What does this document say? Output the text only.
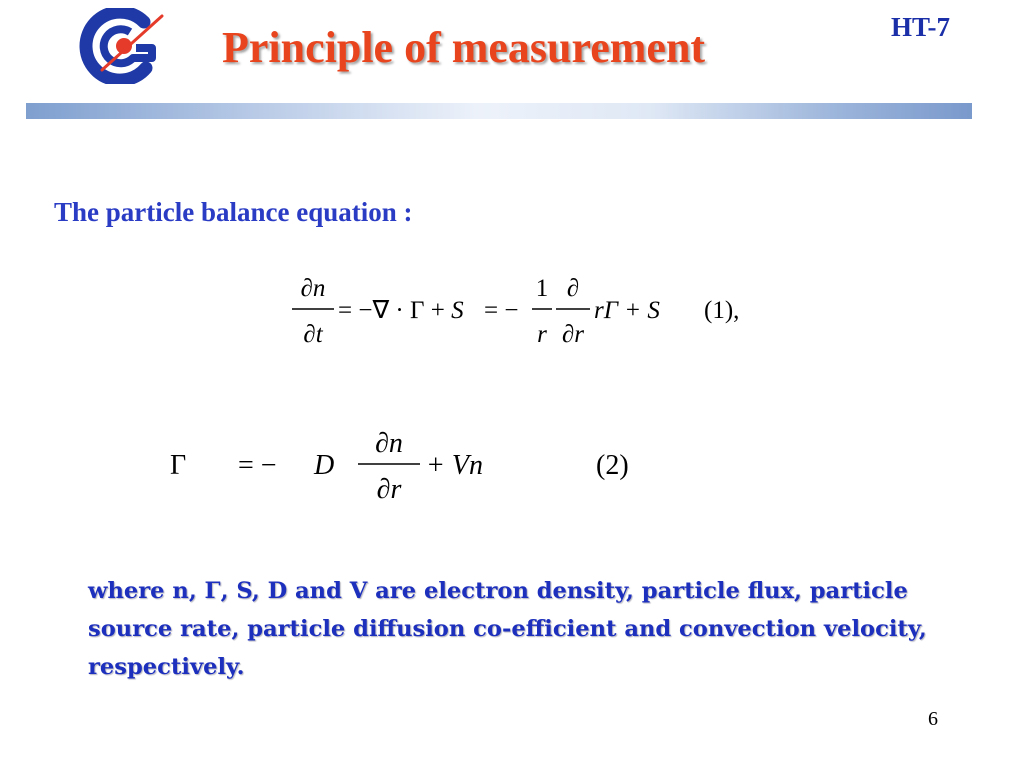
Principle of measurement	HT-7
The particle balance equation :
∂n
∂t
= −∇ · Γ + S = −
1
r
∂
∂r
rΓ + S (1),
Γ = − D
∂n
∂r
+ Vn	(2)
where n, Γ, S, D and V are electron density, particle flux, particle source rate, particle diffusion co-efficient and convection velocity, respectively.
6
